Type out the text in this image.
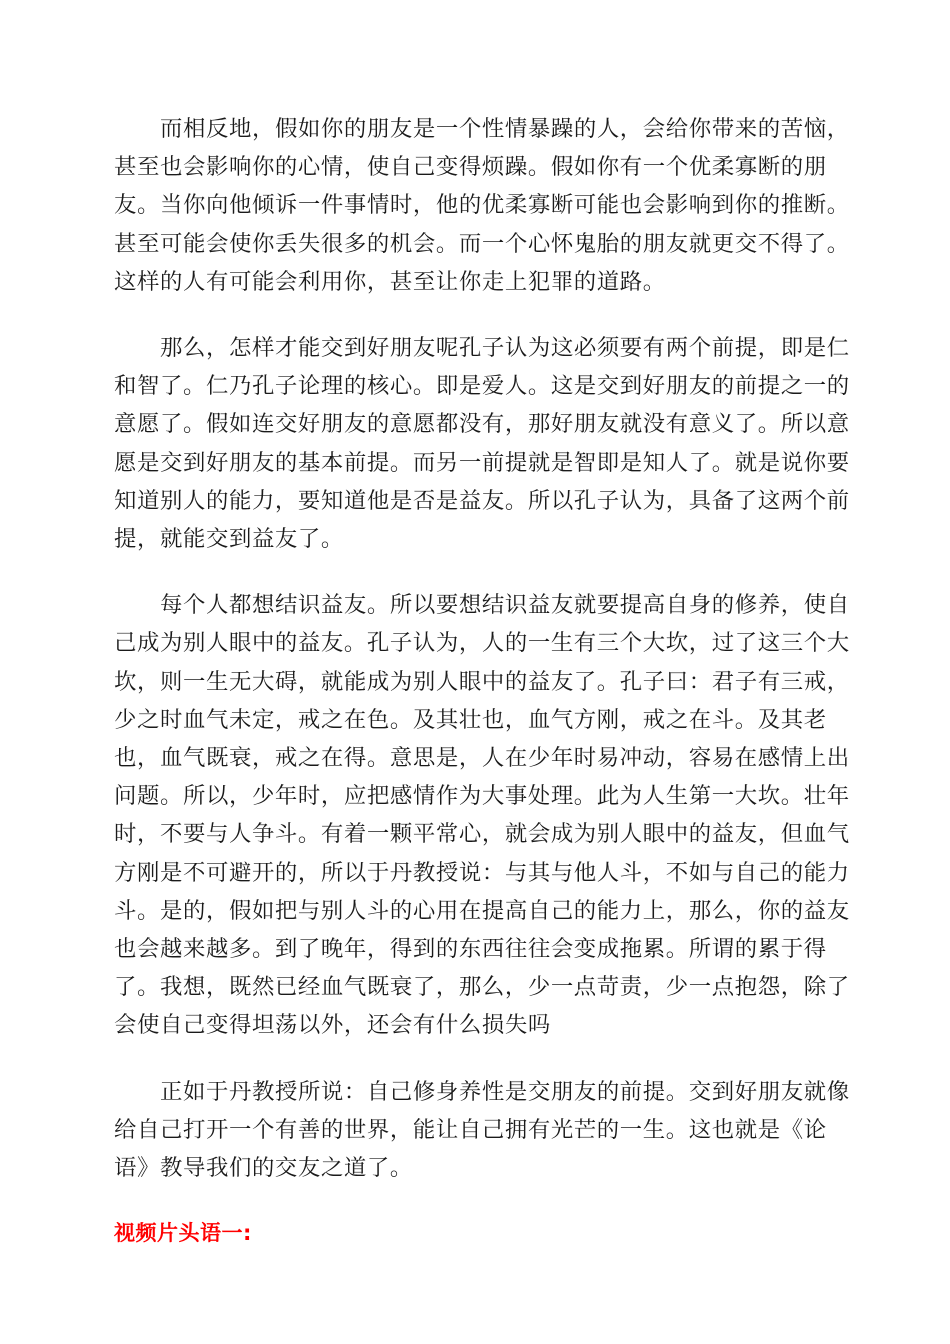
而相反地，假如你的朋友是一个性情暴躁的人，会给你带来的苦恼，
甚至也会影响你的心情，使自己变得烦躁。假如你有一个优柔寡断的朋
友。当你向他倾诉一件事情时，他的优柔寡断可能也会影响到你的推断。
甚至可能会使你丢失很多的机会。而一个心怀鬼胎的朋友就更交不得了。
这样的人有可能会利用你，甚至让你走上犯罪的道路。
那么，怎样才能交到好朋友呢孔子认为这必须要有两个前提，即是仁
和智了。仁乃孔子论理的核心。即是爱人。这是交到好朋友的前提之一的
意愿了。假如连交好朋友的意愿都没有，那好朋友就没有意义了。所以意
愿是交到好朋友的基本前提。而另一前提就是智即是知人了。就是说你要
知道别人的能力，要知道他是否是益友。所以孔子认为，具备了这两个前
提，就能交到益友了。
每个人都想结识益友。所以要想结识益友就要提高自身的修养，使自
己成为别人眼中的益友。孔子认为，人的一生有三个大坎，过了这三个大
坎，则一生无大碍，就能成为别人眼中的益友了。孔子曰：君子有三戒，
少之时血气未定，戒之在色。及其壮也，血气方刚，戒之在斗。及其老
也，血气既衰，戒之在得。意思是，人在少年时易冲动，容易在感情上出
问题。所以，少年时，应把感情作为大事处理。此为人生第一大坎。壮年
时，不要与人争斗。有着一颗平常心，就会成为别人眼中的益友，但血气
方刚是不可避开的，所以于丹教授说：与其与他人斗，不如与自己的能力
斗。是的，假如把与别人斗的心用在提高自己的能力上，那么，你的益友
也会越来越多。到了晚年，得到的东西往往会变成拖累。所谓的累于得
了。我想，既然已经血气既衰了，那么，少一点苛责，少一点抱怨，除了
会使自己变得坦荡以外，还会有什么损失吗
正如于丹教授所说：自己修身养性是交朋友的前提。交到好朋友就像
给自己打开一个有善的世界，能让自己拥有光芒的一生。这也就是《论
语》教导我们的交友之道了。
视频片头语一:
